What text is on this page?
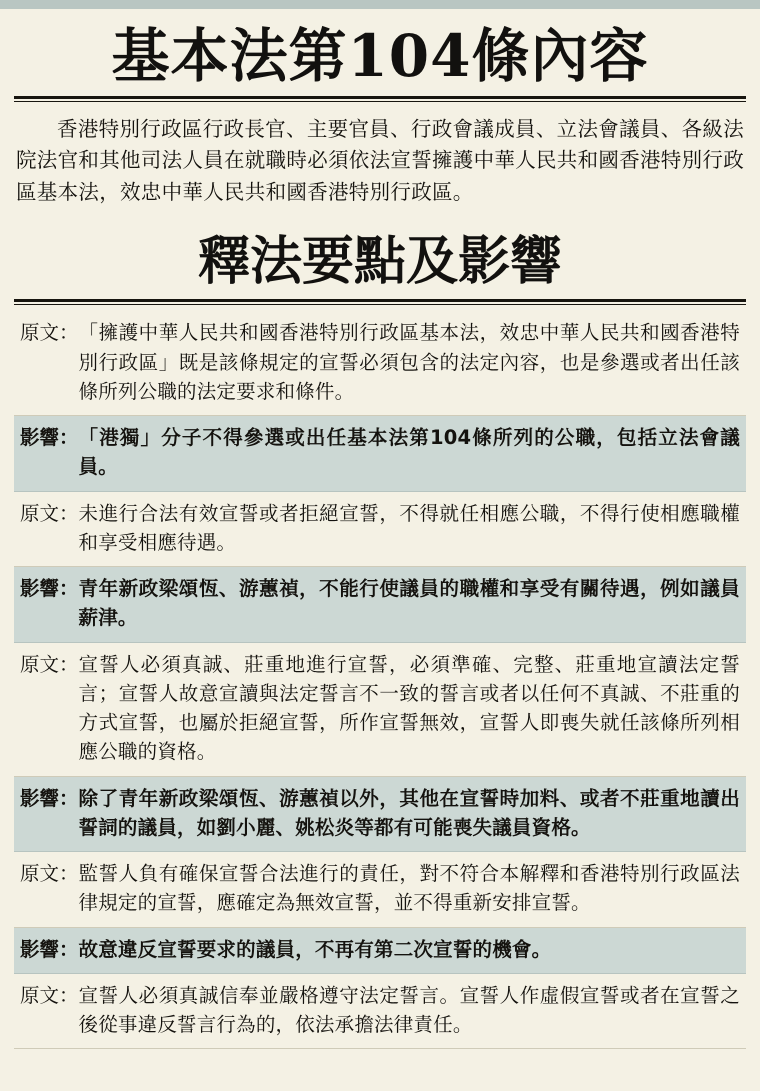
基本法第104條內容

香港特別行政區行政長官、主要官員、行政會議成員、立法會議員、各級法院法官和其他司法人員在就職時必須依法宣誓擁護中華人民共和國香港特別行政區基本法，效忠中華人民共和國香港特別行政區。

釋法要點及影響
原文： 「擁護中華人民共和國香港特別行政區基本法，效忠中華人民共和國香港特別行政區」既是該條規定的宣誓必須包含的法定內容，也是參選或者出任該條所列公職的法定要求和條件。
影響： 「港獨」分子不得參選或出任基本法第104條所列的公職，包括立法會議員。
原文： 未進行合法有效宣誓或者拒絕宣誓，不得就任相應公職，不得行使相應職權和享受相應待遇。
影響： 青年新政梁頌恆、游蕙禎，不能行使議員的職權和享受有關待遇，例如議員薪津。
原文： 宣誓人必須真誠、莊重地進行宣誓，必須準確、完整、莊重地宣讀法定誓言；宣誓人故意宣讀與法定誓言不一致的誓言或者以任何不真誠、不莊重的方式宣誓，也屬於拒絕宣誓，所作宣誓無效，宣誓人即喪失就任該條所列相應公職的資格。
影響： 除了青年新政梁頌恆、游蕙禎以外，其他在宣誓時加料、或者不莊重地讀出誓詞的議員，如劉小麗、姚松炎等都有可能喪失議員資格。
原文： 監誓人負有確保宣誓合法進行的責任，對不符合本解釋和香港特別行政區法律規定的宣誓，應確定為無效宣誓，並不得重新安排宣誓。
影響： 故意違反宣誓要求的議員，不再有第二次宣誓的機會。
原文： 宣誓人必須真誠信奉並嚴格遵守法定誓言。宣誓人作虛假宣誓或者在宣誓之後從事違反誓言行為的，依法承擔法律責任。
